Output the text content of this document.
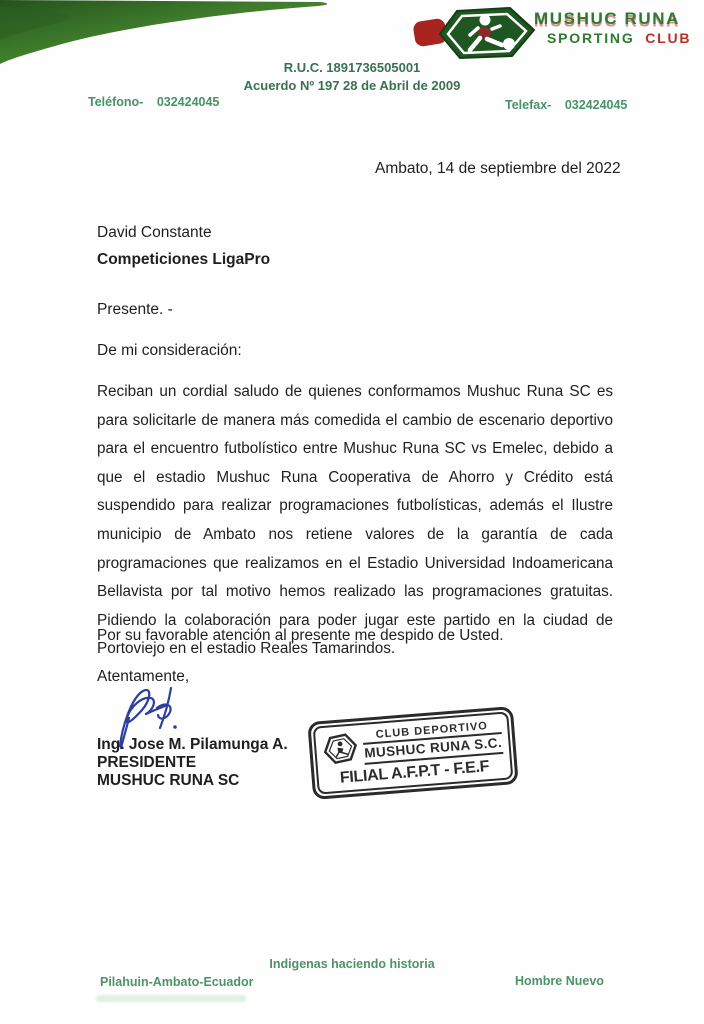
MUSHUC RUNA
SPORTING CLUB
R.U.C. 1891736505001
Acuerdo Nº 197 28 de Abril de 2009
Teléfono- 032424045	Telefax- 032424045
Ambato, 14 de septiembre del 2022
David Constante
Competiciones LigaPro
Presente. -
De mi consideración:
Reciban un cordial saludo de quienes conformamos Mushuc Runa SC es para solicitarle de manera más comedida el cambio de escenario deportivo para el encuentro futbolístico entre Mushuc Runa SC vs Emelec, debido a que el estadio Mushuc Runa Cooperativa de Ahorro y Crédito está suspendido para realizar programaciones futbolísticas, además el Ilustre municipio de Ambato nos retiene valores de la garantía de cada programaciones que realizamos en el Estadio Universidad Indoamericana Bellavista por tal motivo hemos realizado las programaciones gratuitas. Pidiendo la colaboración para poder jugar este partido en la ciudad de Portoviejo en el estadio Reales Tamarindos.
Por su favorable atención al presente me despido de Usted.
Atentamente,
Ing. Jose M. Pilamunga A.
PRESIDENTE
MUSHUC RUNA SC
CLUB DEPORTIVO
MUSHUC RUNA S.C.
FILIAL A.F.P.T - F.E.F
Indigenas haciendo historia
Pilahuin-Ambato-Ecuador	Hombre Nuevo
